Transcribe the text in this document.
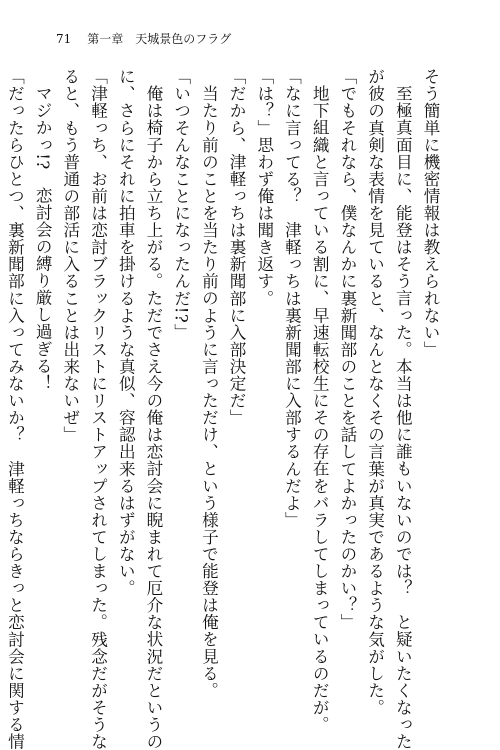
71 第一章　天城景色のフラグ
そう簡単に機密情報は教えられない」
至極真面目に、能登はそう言った。本当は他に誰もいないのでは？　と疑いたくなった
が彼の真剣な表情を見ていると、なんとなくその言葉が真実であるような気がした。
「でもそれなら、僕なんかに裏新聞部のことを話してよかったのかい？」
地下組織と言っている割に、早速転校生にその存在をバラしてしまっているのだが。
「なに言ってる？　津軽っちは裏新聞部に入部するんだよ」
「は？」思わず俺は聞き返す。
「だから、津軽っちは裏新聞部に入部決定だ」
当たり前のことを当たり前のように言っただけ、という様子で能登は俺を見る。
「いつそんなことになったんだ!?」
俺は椅子から立ち上がる。ただでさえ今の俺は恋討会に睨まれて厄介な状況だというの
に、さらにそれに拍車を掛けるような真似、容認出来るはずがない。
「津軽っち、お前は恋討ブラックリストにリストアップされてしまった。残念だがそうな
ると、もう普通の部活に入ることは出来ないぜ」
マジかっ!?　恋討会の縛り厳し過ぎる！
「だったらひとつ、裏新聞部に入ってみないか？　津軽っちならきっと恋討会に関する情
